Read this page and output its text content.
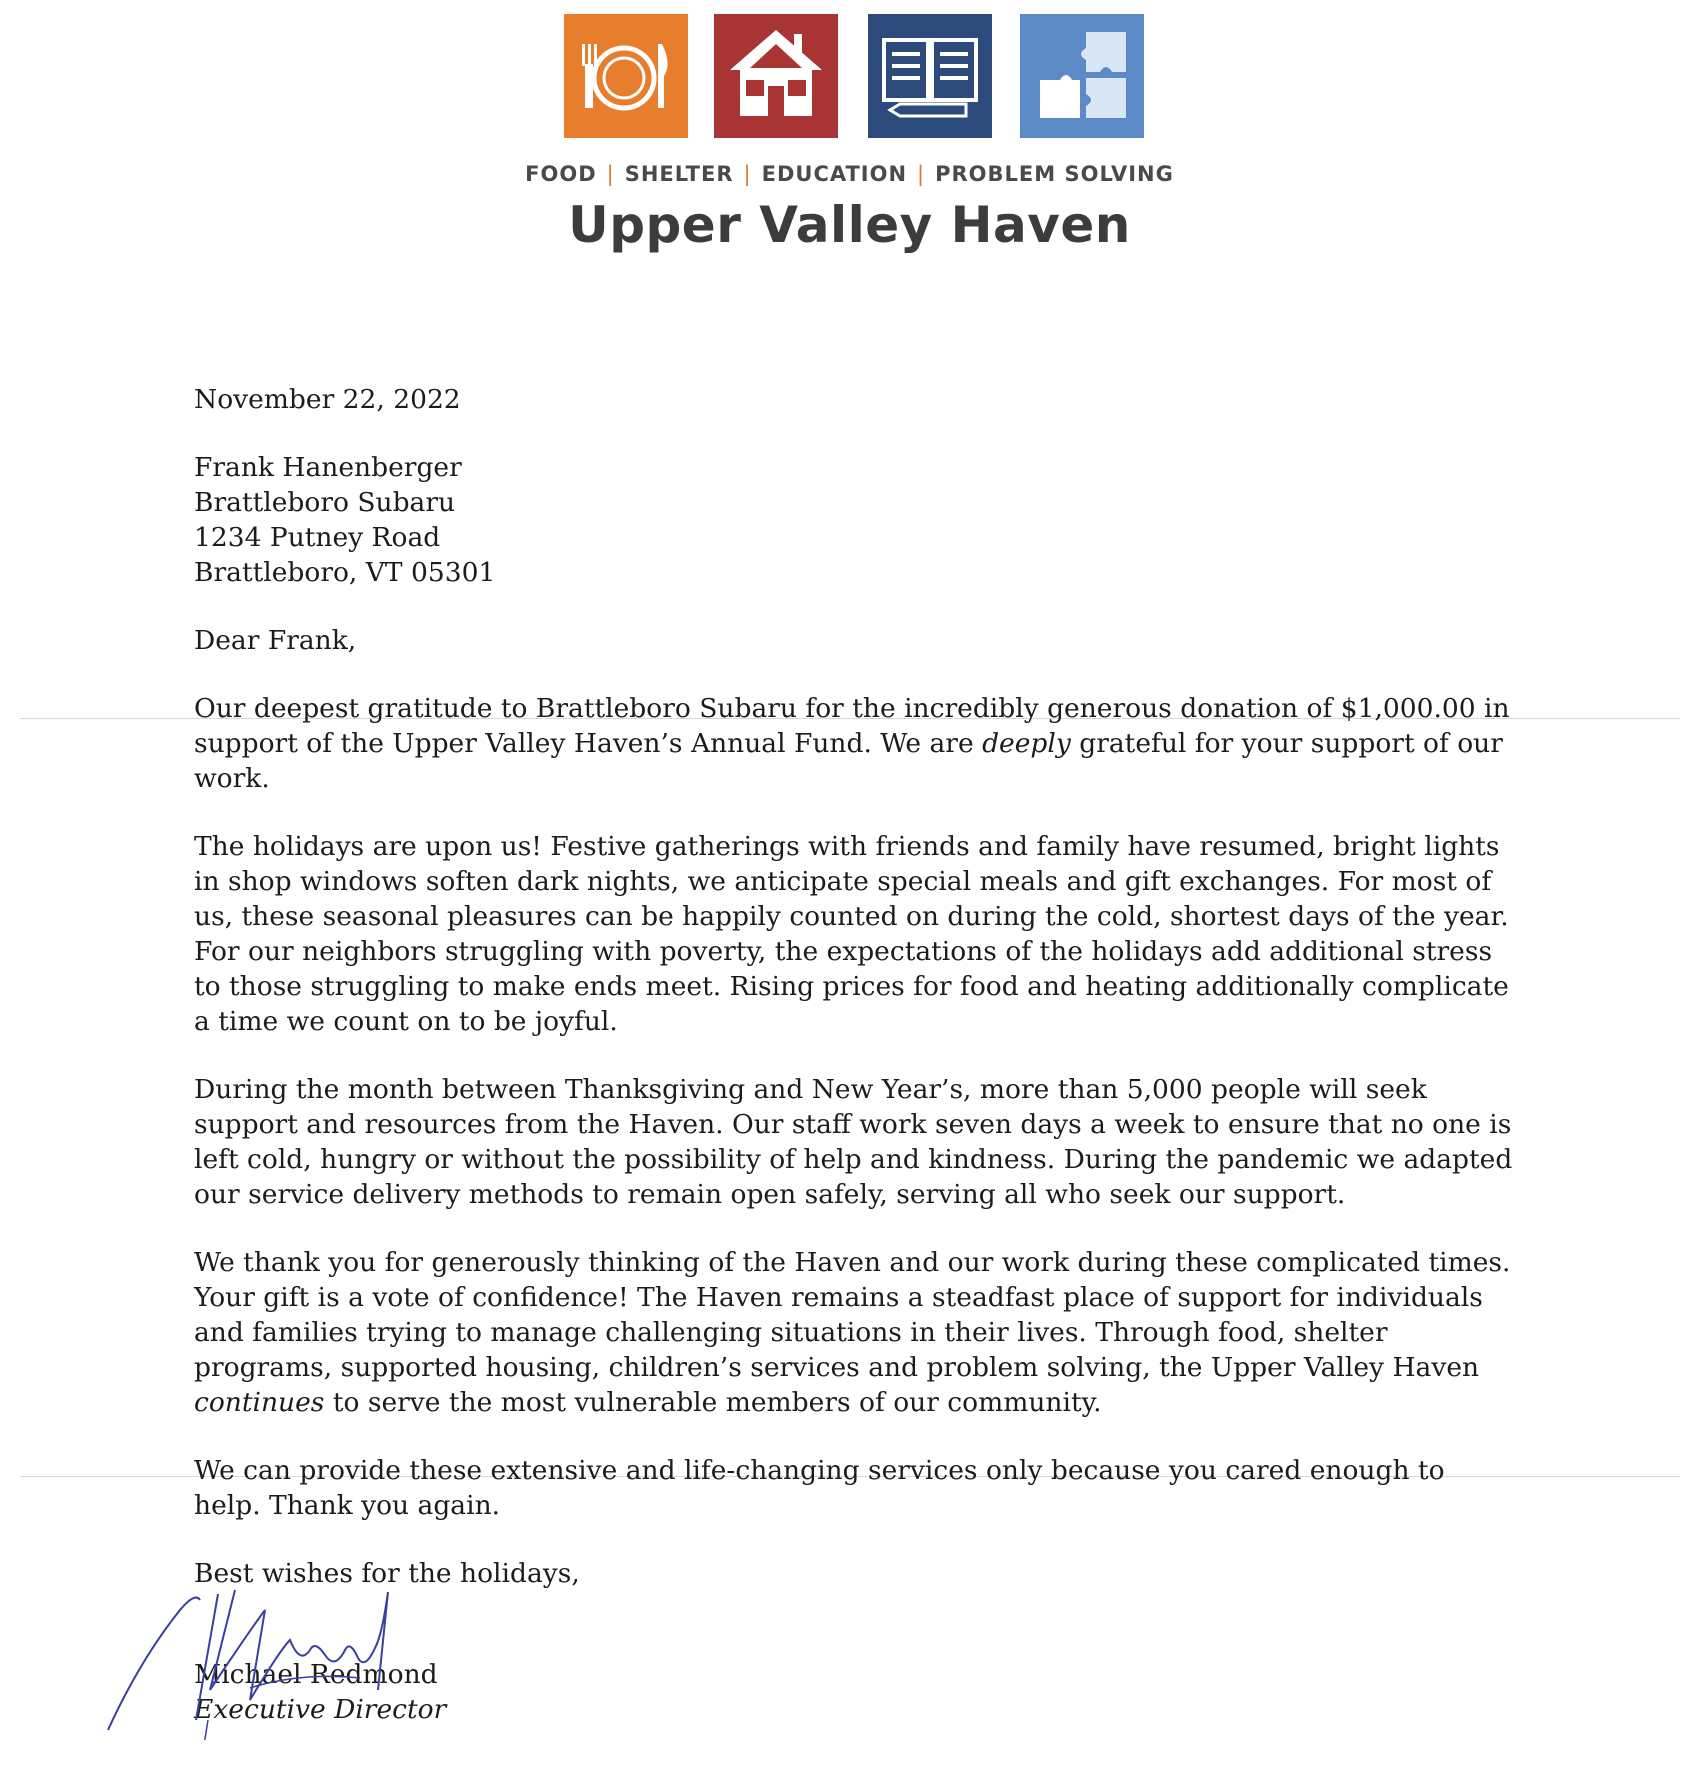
FOOD | SHELTER | EDUCATION | PROBLEM SOLVING
Upper Valley Haven
November 22, 2022
Frank Hanenberger
Brattleboro Subaru
1234 Putney Road
Brattleboro, VT 05301
Dear Frank,

Our deepest gratitude to Brattleboro Subaru for the incredibly generous donation of $1,000.00 in support of the Upper Valley Haven’s Annual Fund. We are deeply grateful for your support of our work.

The holidays are upon us! Festive gatherings with friends and family have resumed, bright lights in shop windows soften dark nights, we anticipate special meals and gift exchanges. For most of us, these seasonal pleasures can be happily counted on during the cold, shortest days of the year. For our neighbors struggling with poverty, the expectations of the holidays add additional stress to those struggling to make ends meet. Rising prices for food and heating additionally complicate a time we count on to be joyful.

During the month between Thanksgiving and New Year’s, more than 5,000 people will seek support and resources from the Haven. Our staff work seven days a week to ensure that no one is left cold, hungry or without the possibility of help and kindness. During the pandemic we adapted our service delivery methods to remain open safely, serving all who seek our support.

We thank you for generously thinking of the Haven and our work during these complicated times. Your gift is a vote of confidence! The Haven remains a steadfast place of support for individuals and families trying to manage challenging situations in their lives. Through food, shelter programs, supported housing, children’s services and problem solving, the Upper Valley Haven continues to serve the most vulnerable members of our community.

We can provide these extensive and life-changing services only because you cared enough to help. Thank you again.

Best wishes for the holidays,
Michael Redmond
Executive Director
